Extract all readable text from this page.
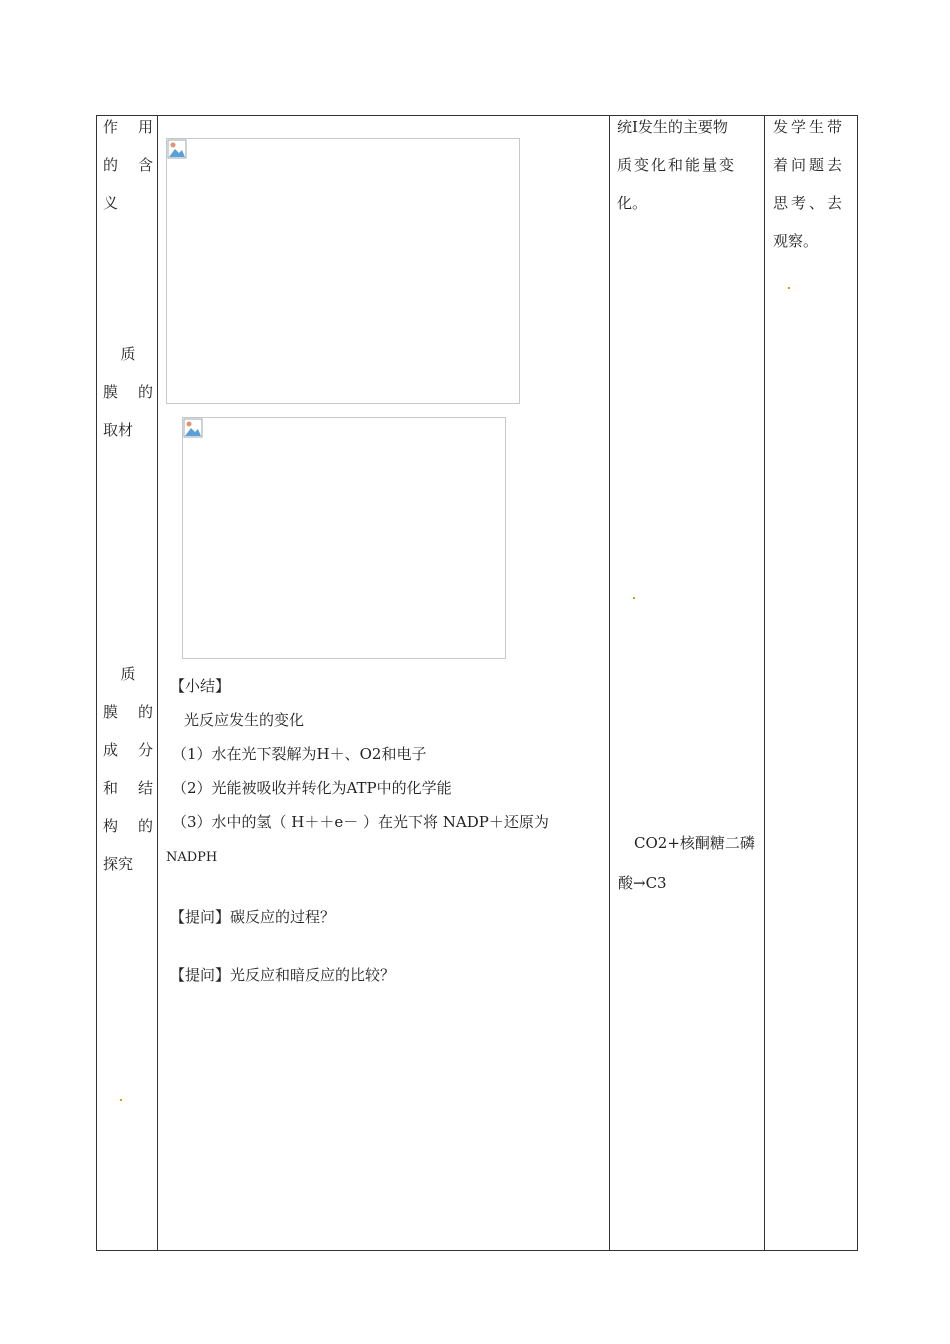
作 用
的 含
义
质
膜 的
取材
质
膜 的
成 分
和 结
构 的
探究
【小结】
光反应发生的变化
（1）水在光下裂解为H＋、O2和电子
（2）光能被吸收并转化为ATP中的化学能
（3）水中的氢（ H＋＋e－ ）在光下将 NADP＋还原为
NADPH
【提问】碳反应的过程？
【提问】光反应和暗反应的比较？
统Ⅰ发生的主要物
质变化和能量变
化。
CO2+核酮糖二磷
酸→C3
发学生带
着问题去
思考、去
观察。
